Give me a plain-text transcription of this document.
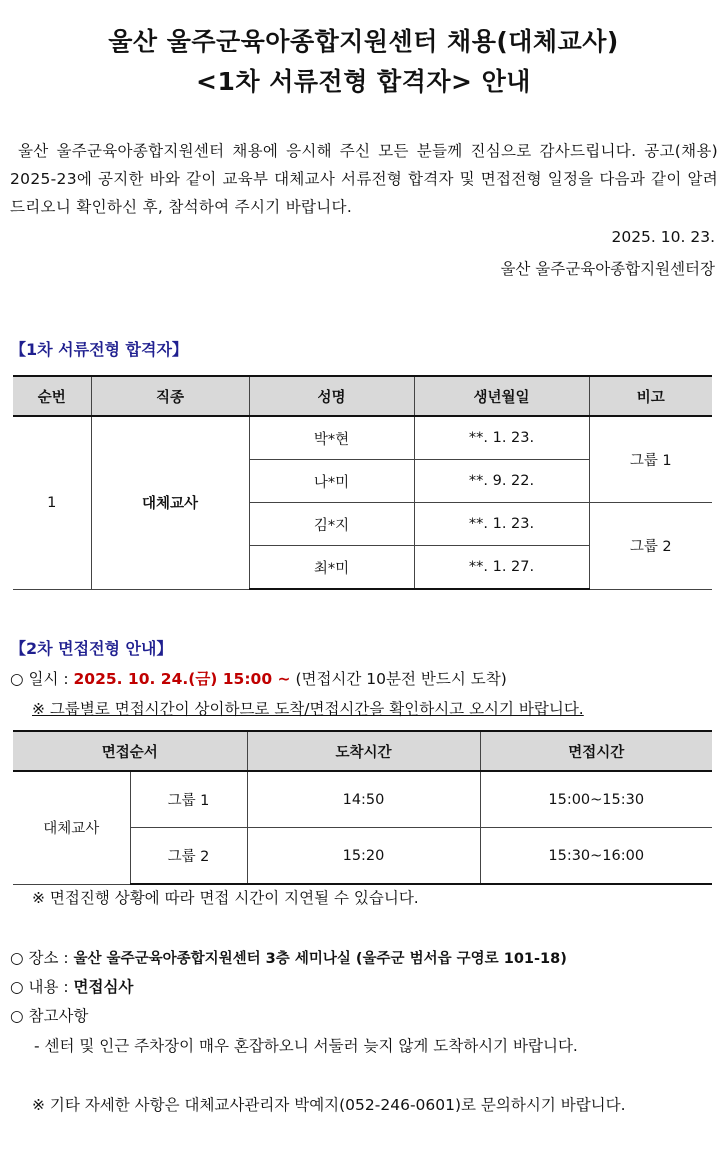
울산 울주군육아종합지원센터 채용(대체교사)
<1차 서류전형 합격자> 안내
울산 울주군육아종합지원센터 채용에 응시해 주신 모든 분들께 진심으로 감사드립니다. 공고(채용) 2025-23에 공지한 바와 같이 교육부 대체교사 서류전형 합격자 및 면접전형 일정을 다음과 같이 알려드리오니 확인하신 후, 참석하여 주시기 바랍니다.
2025. 10. 23.
울산 울주군육아종합지원센터장
【1차 서류전형 합격자】
순번	직종	성명	생년월일	비고
1	대체교사	박*현	**. 1. 23.	그룹 1
		나*미	**. 9. 22.	
		김*지	**. 1. 23.	그룹 2
		최*미	**. 1. 27.	
【2차 면접전형 안내】
○ 일시 : 2025. 10. 24.(금) 15:00 ~ (면접시간 10분전 반드시 도착)
※ 그룹별로 면접시간이 상이하므로 도착/면접시간을 확인하시고 오시기 바랍니다.
면접순서		도착시간	면접시간
대체교사	그룹 1	14:50	15:00~15:30
	그룹 2	15:20	15:30~16:00
※ 면접진행 상황에 따라 면접 시간이 지연될 수 있습니다.
○ 장소 : 울산 울주군육아종합지원센터 3층 세미나실 (울주군 범서읍 구영로 101-18)
○ 내용 : 면접심사
○ 참고사항
- 센터 및 인근 주차장이 매우 혼잡하오니 서둘러 늦지 않게 도착하시기 바랍니다.
※ 기타 자세한 사항은 대체교사관리자 박예지(052-246-0601)로 문의하시기 바랍니다.
